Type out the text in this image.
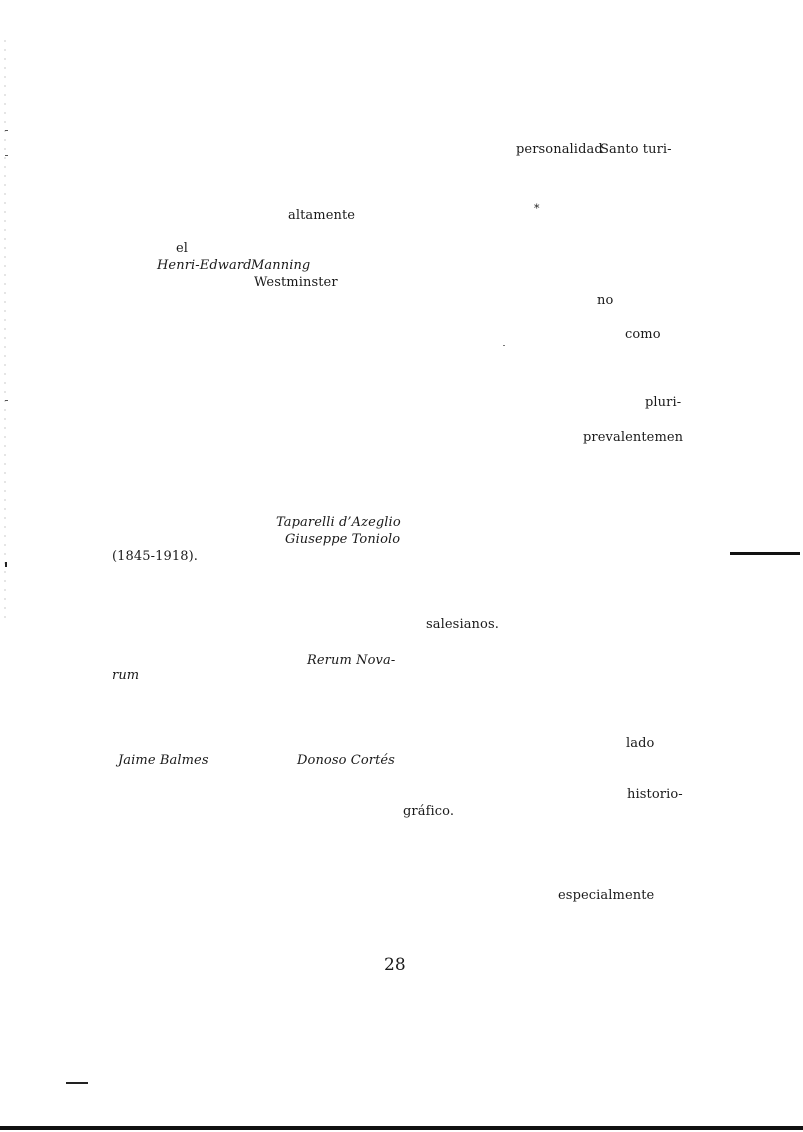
personalidad
Santo turi-
altamente	*
el
Henri-Edward Manning
Westminster
no
como
pluri-
prevalentemen
Taparelli d’Azeglio
Giuseppe Toniolo
(1845-1918).
salesianos.
Rerum Nova-
rum
lado
Jaime Balmes	Donoso Cortés
historio-
gráfico.
especialmente
28
